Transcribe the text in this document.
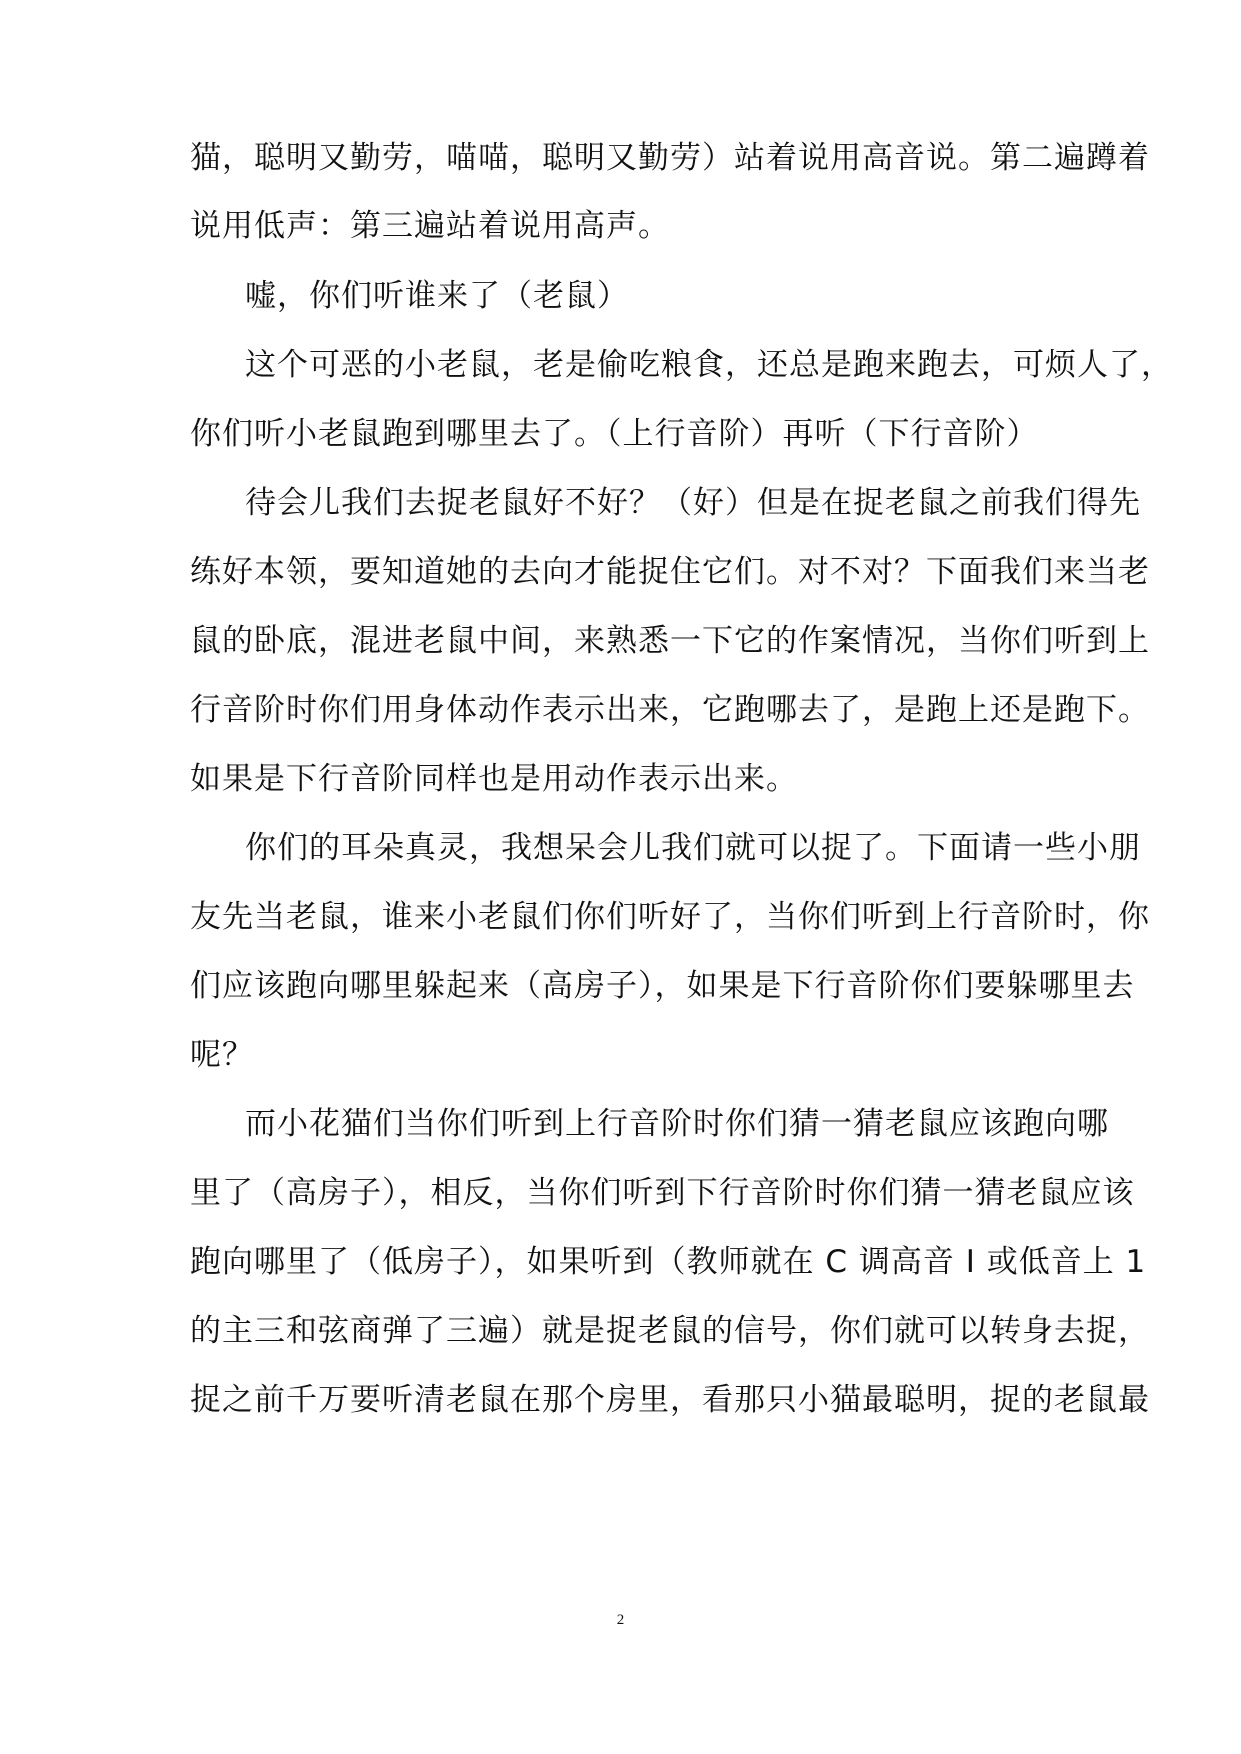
猫，聪明又勤劳，喵喵，聪明又勤劳）站着说用高音说。第二遍蹲着
说用低声：第三遍站着说用高声。
嘘，你们听谁来了（老鼠）
这个可恶的小老鼠，老是偷吃粮食，还总是跑来跑去，可烦人了，
你们听小老鼠跑到哪里去了。（上行音阶）再听（下行音阶）
待会儿我们去捉老鼠好不好？（好）但是在捉老鼠之前我们得先
练好本领，要知道她的去向才能捉住它们。对不对？下面我们来当老
鼠的卧底，混进老鼠中间，来熟悉一下它的作案情况，当你们听到上
行音阶时你们用身体动作表示出来，它跑哪去了，是跑上还是跑下。
如果是下行音阶同样也是用动作表示出来。
你们的耳朵真灵，我想呆会儿我们就可以捉了。下面请一些小朋
友先当老鼠，谁来小老鼠们你们听好了，当你们听到上行音阶时，你
们应该跑向哪里躲起来（高房子），如果是下行音阶你们要躲哪里去
呢？
而小花猫们当你们听到上行音阶时你们猜一猜老鼠应该跑向哪
里了（高房子），相反，当你们听到下行音阶时你们猜一猜老鼠应该
跑向哪里了（低房子），如果听到（教师就在 C 调高音 I 或低音上 1
的主三和弦商弹了三遍）就是捉老鼠的信号，你们就可以转身去捉，
捉之前千万要听清老鼠在那个房里，看那只小猫最聪明，捉的老鼠最
2
